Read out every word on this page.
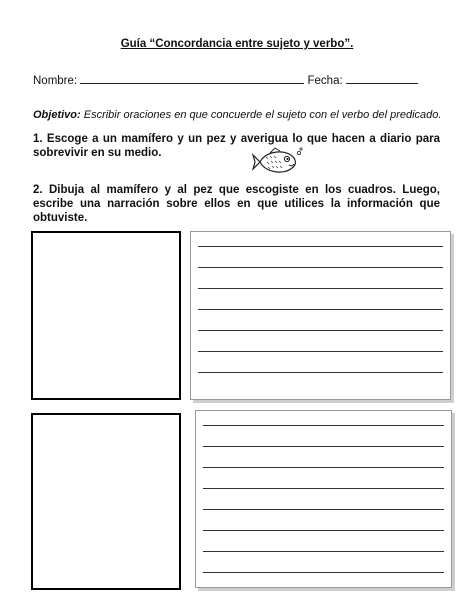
Guía “Concordancia entre sujeto y verbo”.
Nombre:	Fecha:
Objetivo: Escribir oraciones en que concuerde el sujeto con el verbo del predicado.
1. Escoge a un mamífero y un pez y averigua lo que hacen a diario para sobrevivir en su medio.
2. Dibuja al mamífero y al pez que escogiste en los cuadros. Luego, escribe una narración sobre ellos en que utilices la información que obtuviste.
